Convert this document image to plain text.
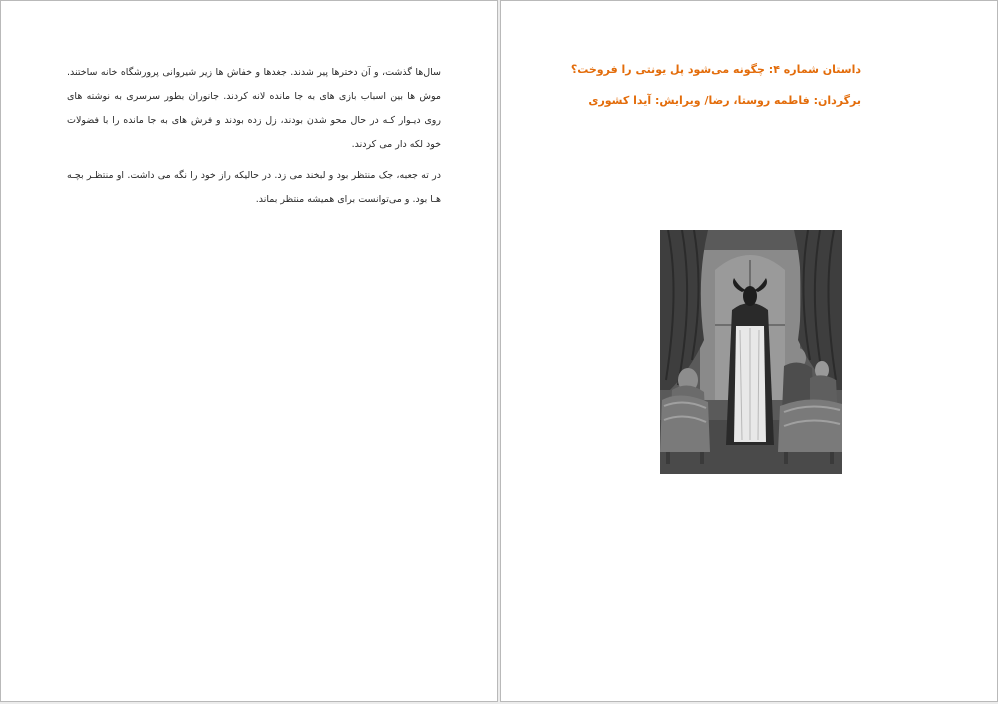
سال‌ها گذشت، و آن دخترها پیر شدند. جغدها و خفاش ها زیر شیروانی پرورشگاه خانه ساختند. موش ها بین اسباب بازی های به جا مانده لانه کردند. جانوران بطور سرسری به نوشته های روی دیـوار کـه در حال محو شدن بودند، زل زده بودند و فرش های به جا مانده را با فضولات خود لکه دار می کردند.

در ته جعبه، جک منتظر بود و لبخند می زد. در حالیکه راز خود را نگه می داشت. او منتظـر بچـه هـا بود. و می‌توانست برای همیشه منتظر بماند.

داستان شماره ۴: چگونه می‌شود پل یونتی را فروخت؟
برگردان: فاطمه روستا، رضا/ ویرایش: آیدا کشوری
